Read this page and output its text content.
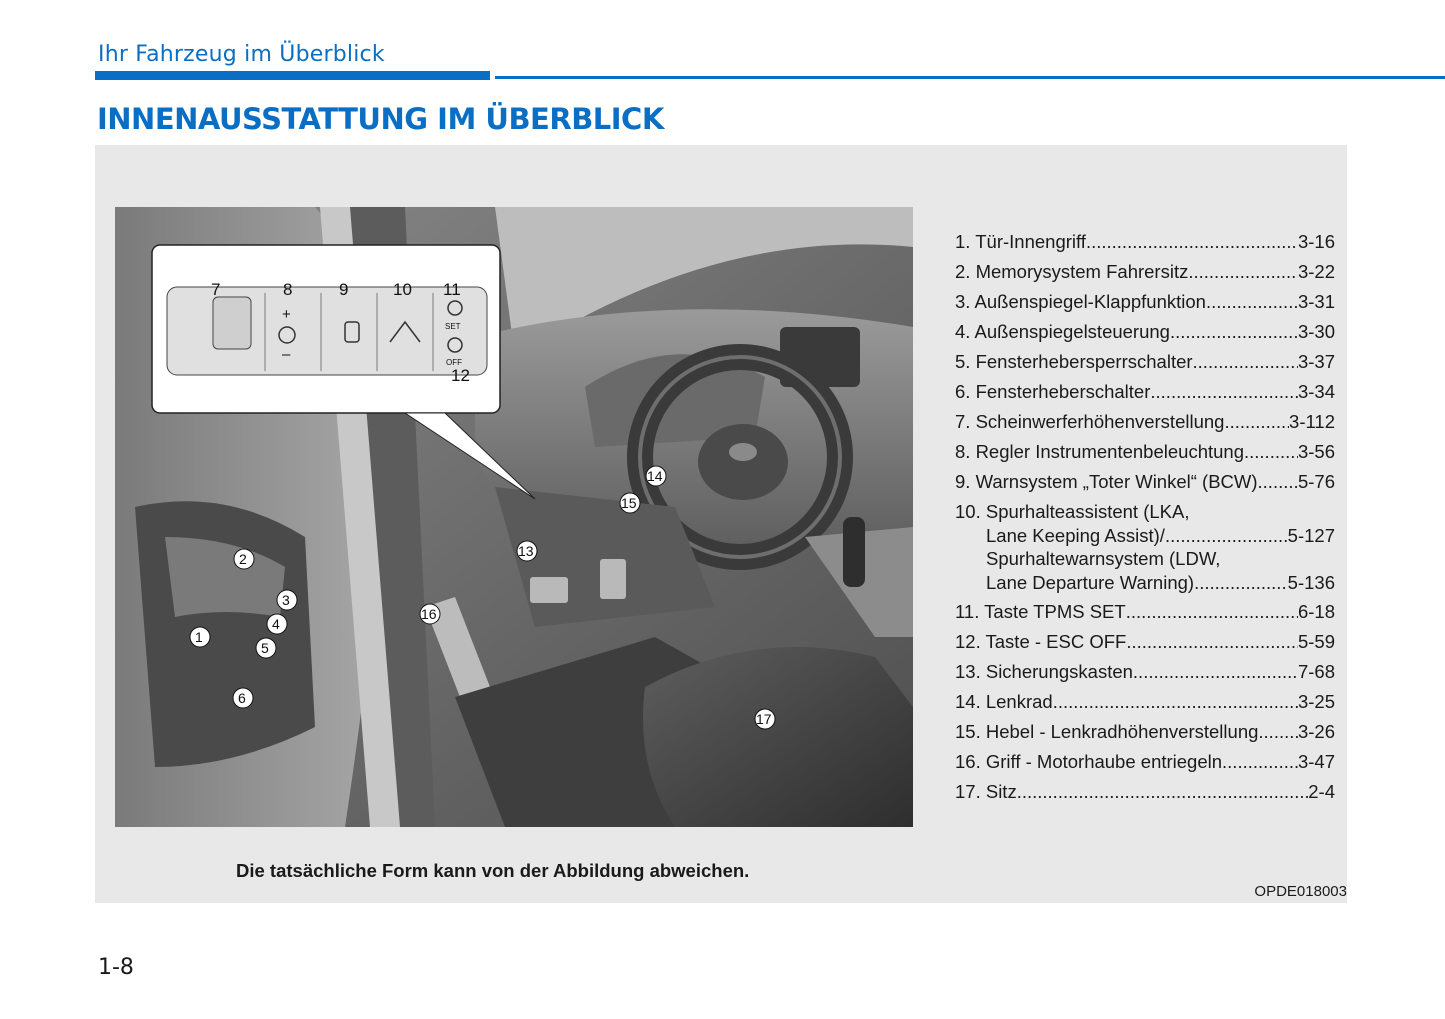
Ihr Fahrzeug im Überblick
INNENAUSSTATTUNG IM ÜBERBLICK
7	8	9	10 11
12
+
–
SET
OFF
1
2
3
4
5
6
13
14
15
16
17
1. Tür-Innengriff .....	3-16
2. Memorysystem Fahrersitz .....	3-22
3. Außenspiegel-Klappfunktion .....	3-31
4. Außenspiegelsteuerung .....	3-30
5. Fensterhebersperrschalter .....	3-37
6. Fensterheberschalter .....	3-34
7. Scheinwerferhöhenverstellung .....	3-112
8. Regler Instrumentenbeleuchtung .....	3-56
9. Warnsystem „Toter Winkel“ (BCW) ..... 5-76
10. Spurhalteassistent (LKA,
Lane Keeping Assist)/ .....	5-127
Spurhaltewarnsystem (LDW,
Lane Departure Warning) .....	5-136
11. Taste TPMS SET .....	6-18
12. Taste - ESC OFF .....	5-59
13. Sicherungskasten .....	7-68
14. Lenkrad .....	3-25
15. Hebel - Lenkradhöhenverstellung ..... 3-26
16. Griff - Motorhaube entriegeln .....	3-47
17. Sitz .....	2-4
Die tatsächliche Form kann von der Abbildung abweichen.
OPDE018003
1-8
